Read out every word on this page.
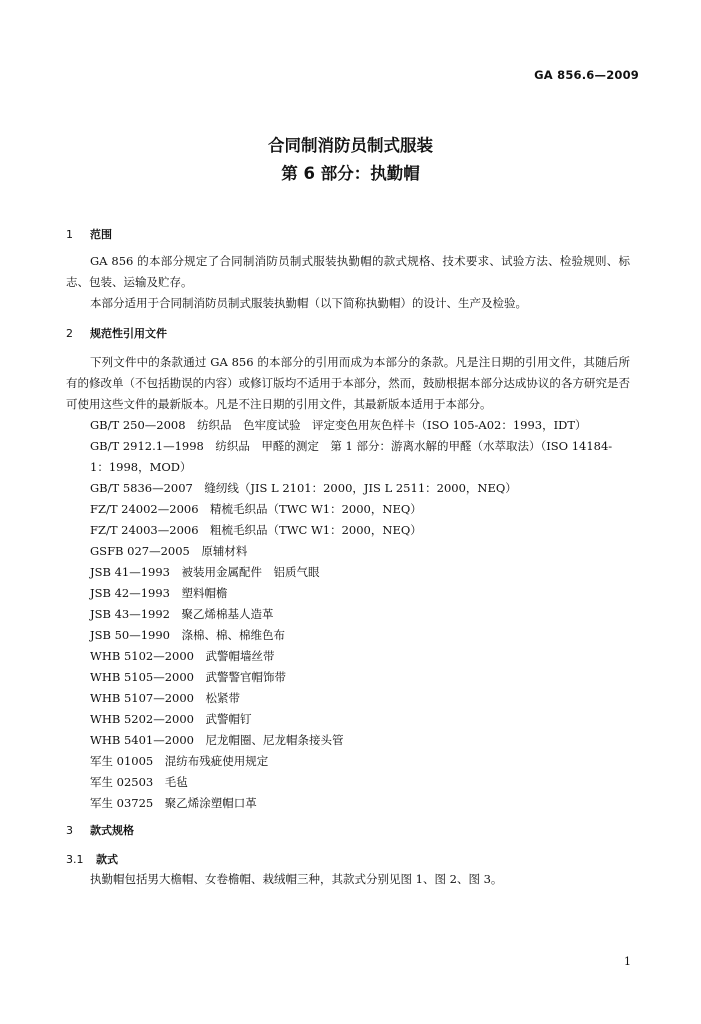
GA 856.6—2009
合同制消防员制式服装
第 6 部分：执勤帽
1 范围

GA 856 的本部分规定了合同制消防员制式服装执勤帽的款式规格、技术要求、试验方法、检验规则、标志、包装、运输及贮存。

本部分适用于合同制消防员制式服装执勤帽（以下简称执勤帽）的设计、生产及检验。

2 规范性引用文件

下列文件中的条款通过 GA 856 的本部分的引用而成为本部分的条款。凡是注日期的引用文件，其随后所有的修改单（不包括勘误的内容）或修订版均不适用于本部分，然而，鼓励根据本部分达成协议的各方研究是否可使用这些文件的最新版本。凡是不注日期的引用文件，其最新版本适用于本部分。

GB/T 250—2008　 纺织品　色牢度试验　评定变色用灰色样卡（ISO 105-A02：1993，IDT）
GB/T 2912.1—1998　 纺织品　甲醛的测定　第 1 部分：游离水解的甲醛（水萃取法）（ISO 14184-1：1998，MOD）
GB/T 5836—2007　 缝纫线（JIS L 2101：2000，JIS L 2511：2000，NEQ）
FZ/T 24002—2006　 精梳毛织品（TWC W1：2000，NEQ）
FZ/T 24003—2006　 粗梳毛织品（TWC W1：2000，NEQ）
GSFB 027—2005　 原辅材料
JSB 41—1993　 被装用金属配件　铝质气眼
JSB 42—1993　 塑料帽檐
JSB 43—1992　 聚乙烯棉基人造革
JSB 50—1990　 涤棉、棉、棉维色布
WHB 5102—2000　 武警帽墙丝带
WHB 5105—2000　 武警警官帽饰带
WHB 5107—2000　 松紧带
WHB 5202—2000　 武警帽钉
WHB 5401—2000　 尼龙帽圈、尼龙帽条接头管
军生 01005　 混纺布残疵使用规定
军生 02503　 毛毡
军生 03725　 聚乙烯涂塑帽口革
3 款式规格
3.1 款式

执勤帽包括男大檐帽、女卷檐帽、栽绒帽三种，其款式分别见图 1、图 2、图 3。

1
